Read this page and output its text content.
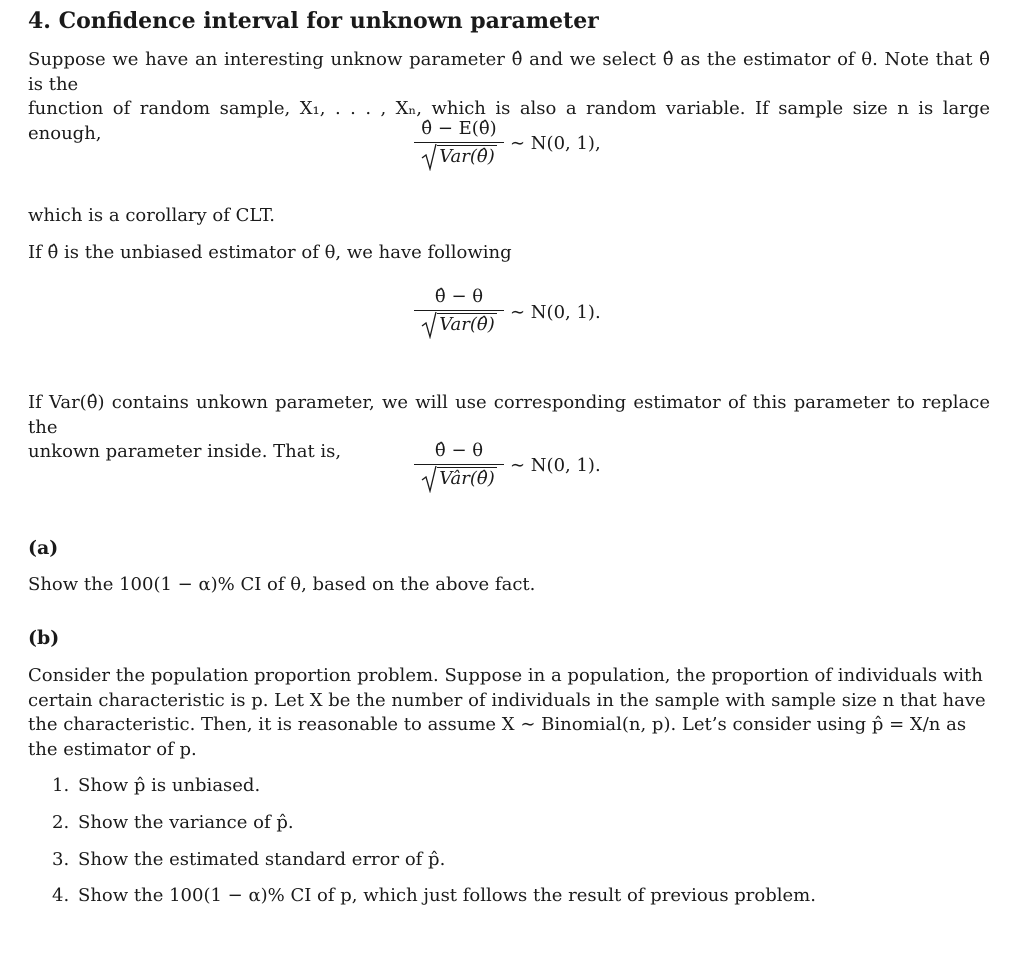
4. Confidence interval for unknown parameter
Suppose we have an interesting unknow parameter θ̂ and we select θ̂ as the estimator of θ. Note that θ̂ is the
function of random sample, X₁, . . . , Xₙ, which is also a random variable. If sample size n is large enough,	θ̂ − E(θ̂)
Var(θ̂)
∼ N(0, 1),
which is a corollary of CLT.
If θ̂ is the unbiased estimator of θ, we have following
θ̂ − θ
Var(θ̂)
∼ N(0, 1).
If Var(θ̂) contains unkown parameter, we will use corresponding estimator of this parameter to replace the
unkown parameter inside. That is,	θ̂ − θ
Vâr(θ̂)
∼ N(0, 1).
(a)
Show the 100(1 − α)% CI of θ, based on the above fact.
(b)
Consider the population proportion problem. Suppose in a population, the proportion of individuals with
certain characteristic is p. Let X be the number of individuals in the sample with sample size n that have
the characteristic. Then, it is reasonable to assume X ∼ Binomial(n, p). Let’s consider using p̂ = X/n as
the estimator of p.
1. Show p̂ is unbiased.
2. Show the variance of p̂.
3. Show the estimated standard error of p̂.
4. Show the 100(1 − α)% CI of p, which just follows the result of previous problem.
